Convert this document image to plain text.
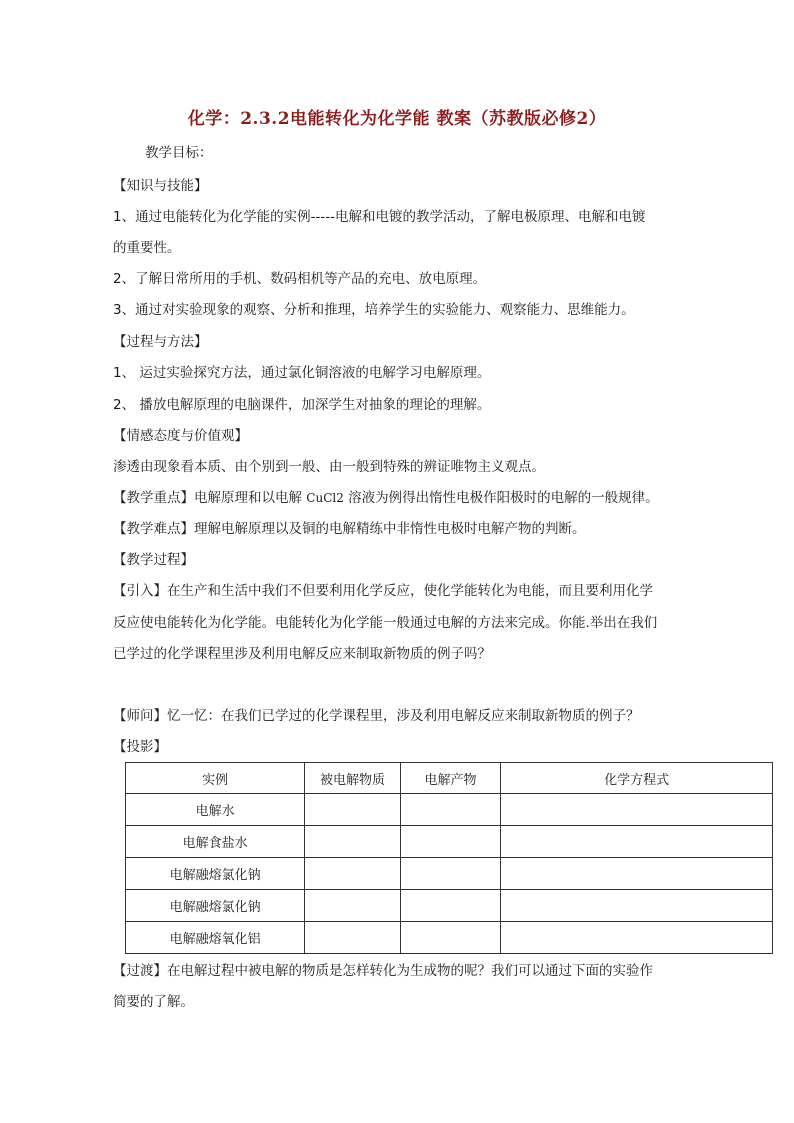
化学：2.3.2电能转化为化学能 教案（苏教版必修2）
教学目标：
【知识与技能】
1、通过电能转化为化学能的实例-----电解和电镀的教学活动，了解电极原理、电解和电镀
的重要性。
2、了解日常所用的手机、数码相机等产品的充电、放电原理。
3、通过对实验现象的观察、分析和推理，培养学生的实验能力、观察能力、思维能力。
【过程与方法】
1、 运过实验探究方法，通过氯化铜溶液的电解学习电解原理。
2、 播放电解原理的电脑课件，加深学生对抽象的理论的理解。
【情感态度与价值观】
渗透由现象看本质、由个别到一般、由一般到特殊的辨证唯物主义观点。
【教学重点】电解原理和以电解 CuCl2 溶液为例得出惰性电极作阳极时的电解的一般规律。
【教学难点】理解电解原理以及铜的电解精练中非惰性电极时电解产物的判断。
【教学过程】
【引入】在生产和生活中我们不但要利用化学反应，使化学能转化为电能，而且要利用化学
反应使电能转化为化学能。电能转化为化学能一般通过电解的方法来完成。你能.举出在我们
已学过的化学课程里涉及利用电解反应来制取新物质的例子吗？
【师问】忆一忆：在我们已学过的化学课程里，涉及利用电解反应来制取新物质的例子？
【投影】
实例	被电解物质	电解产物	化学方程式
电解水			
电解食盐水			
电解融熔氯化钠			
电解融熔氯化钠			
电解融熔氧化铝			
【过渡】在电解过程中被电解的物质是怎样转化为生成物的呢？我们可以通过下面的实验作
简要的了解。
